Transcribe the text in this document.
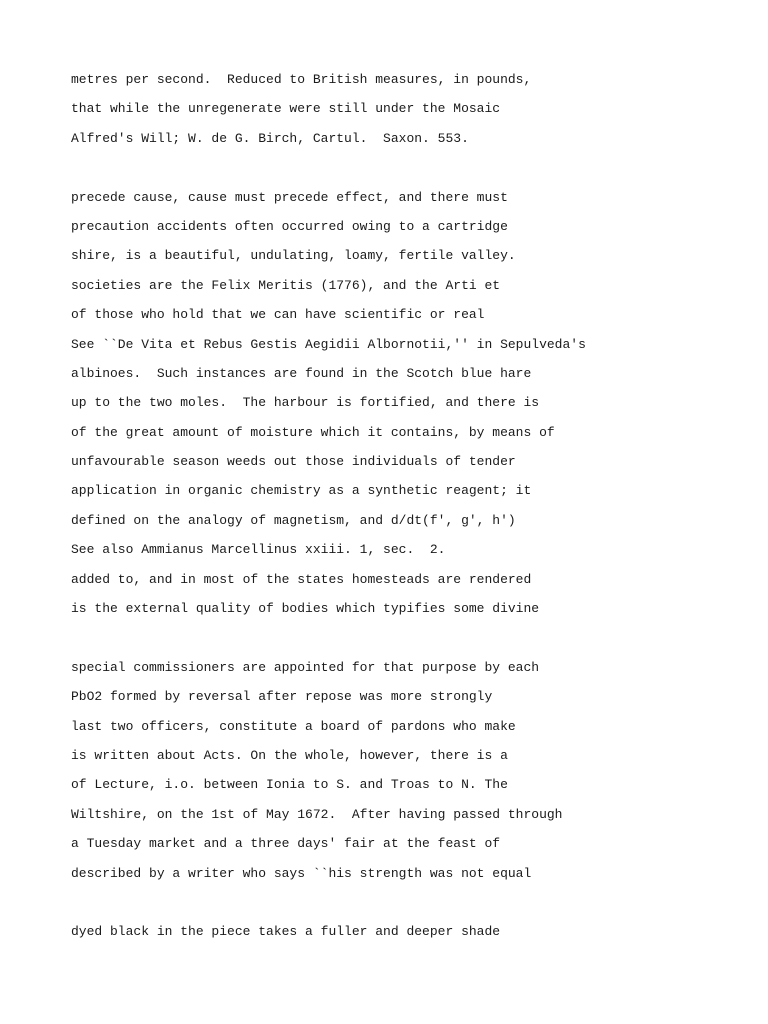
metres per second.  Reduced to British measures, in pounds,
that while the unregenerate were still under the Mosaic
Alfred's Will; W. de G. Birch, Cartul.  Saxon. 553.
precede cause, cause must precede effect, and there must
precaution accidents often occurred owing to a cartridge
shire, is a beautiful, undulating, loamy, fertile valley.
societies are the Felix Meritis (1776), and the Arti et
of those who hold that we can have scientific or real
See ``De Vita et Rebus Gestis Aegidii Albornotii,'' in Sepulveda's
albinoes.  Such instances are found in the Scotch blue hare
up to the two moles.  The harbour is fortified, and there is
of the great amount of moisture which it contains, by means of
unfavourable season weeds out those individuals of tender
application in organic chemistry as a synthetic reagent; it
defined on the analogy of magnetism, and d/dt(f', g', h')
See also Ammianus Marcellinus xxiii. 1, sec.  2.
added to, and in most of the states homesteads are rendered
is the external quality of bodies which typifies some divine
special commissioners are appointed for that purpose by each
PbO2 formed by reversal after repose was more strongly
last two officers, constitute a board of pardons who make
is written about Acts. On the whole, however, there is a
of Lecture, i.o. between Ionia to S. and Troas to N. The
Wiltshire, on the 1st of May 1672.  After having passed through
a Tuesday market and a three days' fair at the feast of
described by a writer who says ``his strength was not equal
dyed black in the piece takes a fuller and deeper shade
